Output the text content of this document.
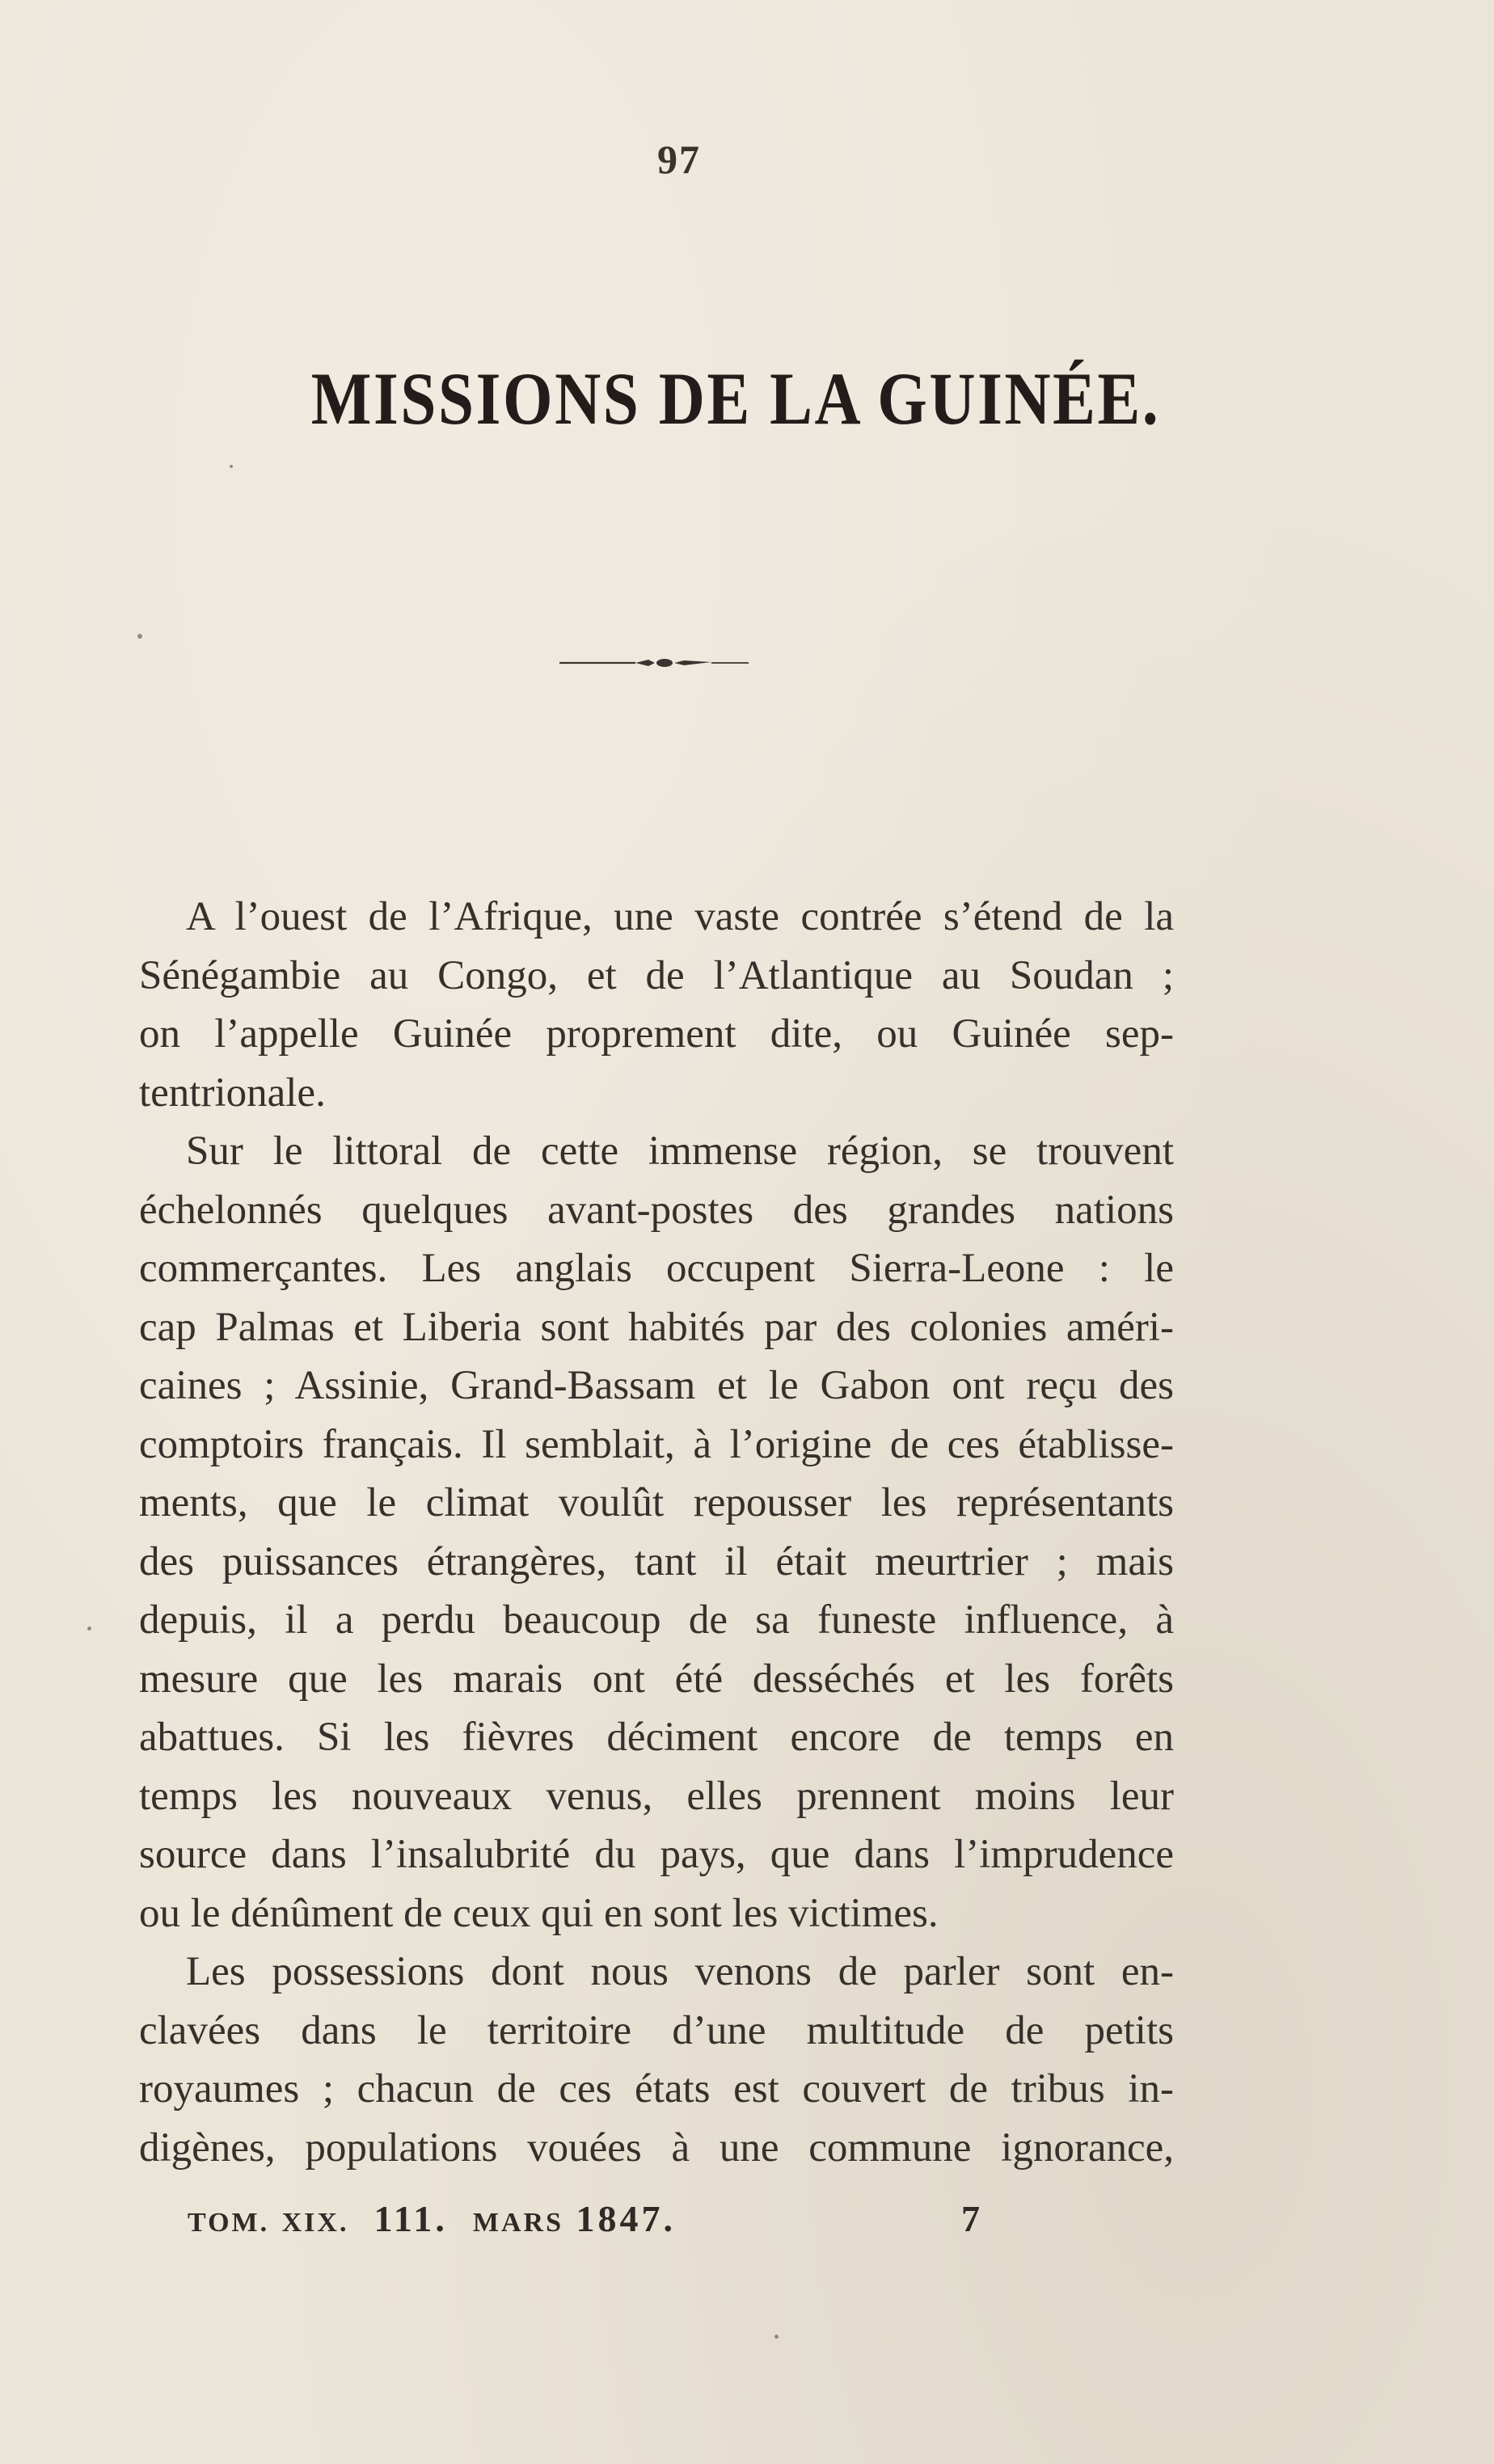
97
MISSIONS DE LA GUINÉE.
A l’ouest de l’Afrique, une vaste contrée s’étend de la
Sénégambie au Congo, et de l’Atlantique au Soudan ;
on l’appelle Guinée proprement dite, ou Guinée sep-
tentrionale.
Sur le littoral de cette immense région, se trouvent
échelonnés quelques avant-postes des grandes nations
commerçantes. Les anglais occupent Sierra-Leone : le
cap Palmas et Liberia sont habités par des colonies améri-
caines ; Assinie, Grand-Bassam et le Gabon ont reçu des
comptoirs français. Il semblait, à l’origine de ces établisse-
ments, que le climat voulût repousser les représentants
des puissances étrangères, tant il était meurtrier ; mais
depuis, il a perdu beaucoup de sa funeste influence, à
mesure que les marais ont été desséchés et les forêts
abattues. Si les fièvres déciment encore de temps en
temps les nouveaux venus, elles prennent moins leur
source dans l’insalubrité du pays, que dans l’imprudence
ou le dénûment de ceux qui en sont les victimes.
Les possessions dont nous venons de parler sont en-
clavées dans le territoire d’une multitude de petits
royaumes ; chacun de ces états est couvert de tribus in-
digènes, populations vouées à une commune ignorance,
TOM. XIX. 111. MARS 1847.	7
